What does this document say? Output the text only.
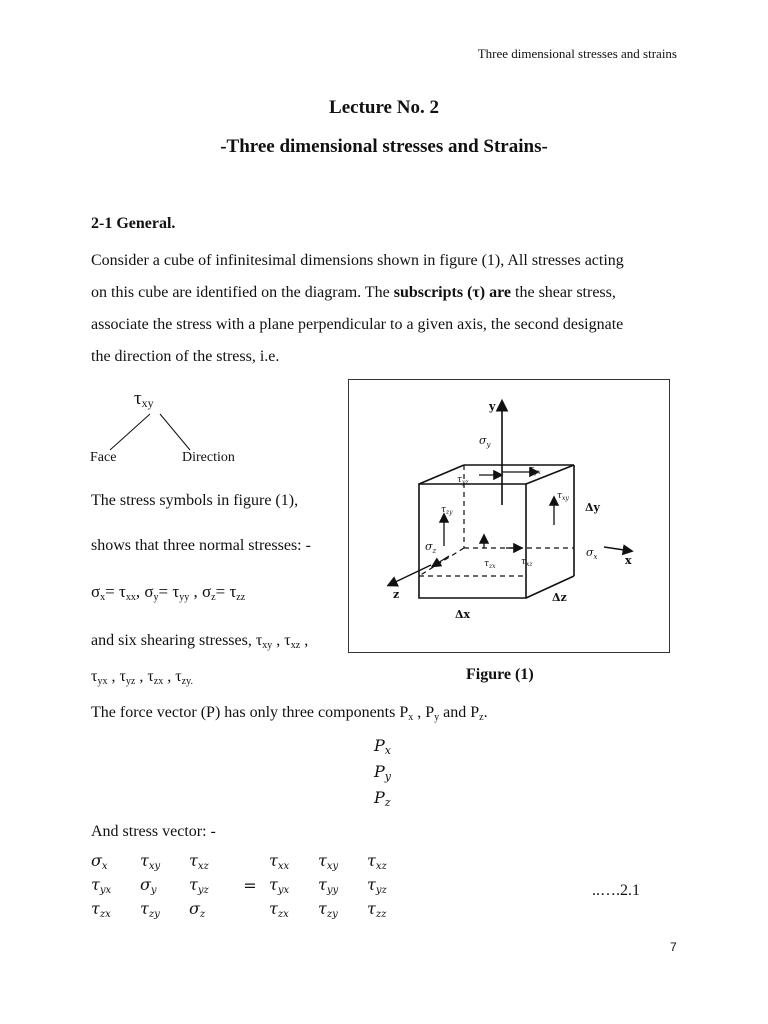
Three dimensional stresses and strains
Lecture No. 2
-Three dimensional stresses and Strains-
2-1 General.

Consider a cube of infinitesimal dimensions shown in figure (1), All stresses acting

on this cube are identified on the diagram. The subscripts (τ) are the shear stress,

associate the stress with a plane perpendicular to a given axis, the second designate

the direction of the stress, i.e.

$\tau_{xy}$
Face	Direction
The stress symbols in figure (1),
shows that three normal stresses: -
$\sigma_x= \tau_{xx}$, $\sigma_y= \tau_{yy}$ , $\sigma_z= \tau_{zz}$
and six shearing stresses, $\tau_{xy}$ , $\tau_{xz}$ ,
$\tau_{yx}$ , $\tau_{yz}$ , $\tau_{zx}$ , $\tau_{zy.}$
y
x
z
$\sigma_y$
$\sigma_x$
$\sigma_z$
$\tau_{yz}$
$\tau_{yx}$
$\tau_{zy}$
$\tau_{xy}$
$\tau_{zx}$	$\tau_{xz}$
Δx
Δy
Δz
Figure (1)
The force vector (P) has only three components $P_x$ , $P_y$ and $P_z$.
$P_x$
$P_y$
$P_z$
And stress vector: -
$\sigma_x$	$\tau_{xy}$	$\tau_{xz}$		$\tau_{xx}$	$\tau_{xy}$	$\tau_{xz}$
$\tau_{yx}$	$\sigma_y$	$\tau_{yz}$	=	$\tau_{yx}$	$\tau_{yy}$	$\tau_{yz}$
$\tau_{zx}$	$\tau_{zy}$	$\sigma_z$		$\tau_{zx}$	$\tau_{zy}$	$\tau_{zz}$
..….2.1
7
